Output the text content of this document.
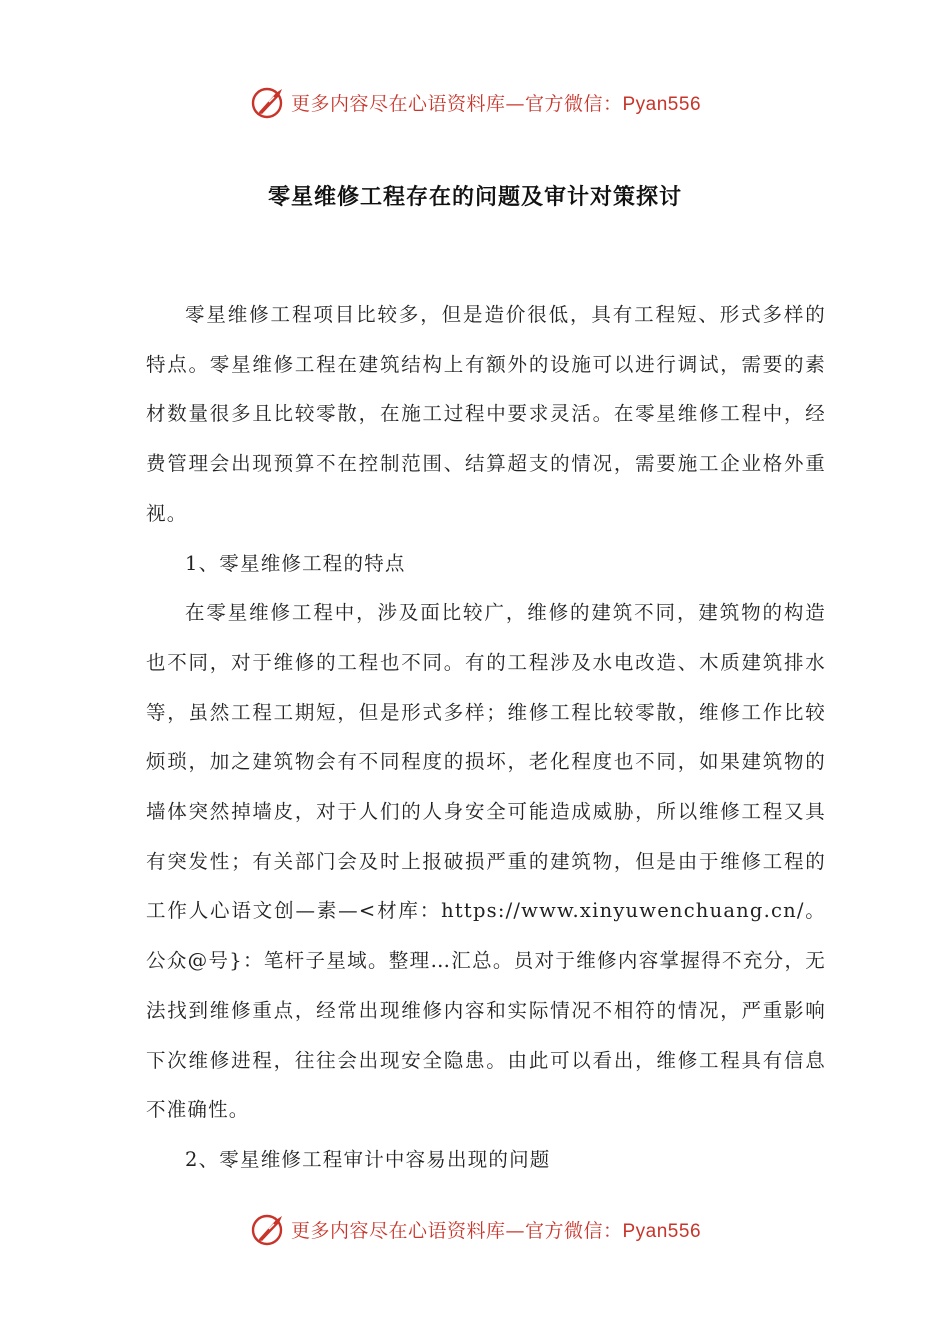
更多内容尽在心语资料库—官方微信：Pyan556
零星维修工程存在的问题及审计对策探讨

零星维修工程项目比较多，但是造价很低，具有工程短、形式多样的特点。零星维修工程在建筑结构上有额外的设施可以进行调试，需要的素材数量很多且比较零散，在施工过程中要求灵活。在零星维修工程中，经费管理会出现预算不在控制范围、结算超支的情况，需要施工企业格外重视。

1、零星维修工程的特点

在零星维修工程中，涉及面比较广，维修的建筑不同，建筑物的构造也不同，对于维修的工程也不同。有的工程涉及水电改造、木质建筑排水等，虽然工程工期短，但是形式多样；维修工程比较零散，维修工作比较烦琐，加之建筑物会有不同程度的损坏，老化程度也不同，如果建筑物的墙体突然掉墙皮，对于人们的人身安全可能造成威胁，所以维修工程又具有突发性；有关部门会及时上报破损严重的建筑物，但是由于维修工程的工作人心语文创—素—<材库：https://www.xinyuwenchuang.cn/。公众@号}：笔杆子星域。整理…汇总。员对于维修内容掌握得不充分，无法找到维修重点，经常出现维修内容和实际情况不相符的情况，严重影响下次维修进程，往往会出现安全隐患。由此可以看出，维修工程具有信息不准确性。

2、零星维修工程审计中容易出现的问题

更多内容尽在心语资料库—官方微信：Pyan556
